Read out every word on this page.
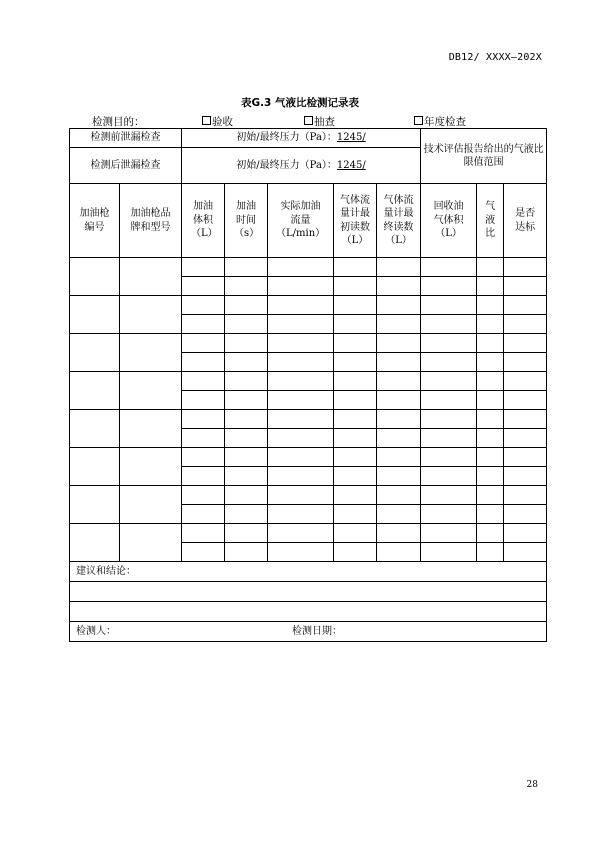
DB12/ XXXX—202X
表G.3 气液比检测记录表
检测目的：	验收	抽查	年度检查
检测前泄漏检查		初始/最终压力（Pa）：1245/					技术评估报告给出的气液比限值范围		
检测后泄漏检查		初始/最终压力（Pa）：1245/							

加油枪编号	加油枪品牌和型号	加油体积（L）	加油时间（s）	实际加油流量（L/min）	气体流量计最初读数（L）	气体流量计最终读数（L）	回收油气体积（L）	气液比	是否达标

建议和结论：									

检测人： 检测日期：									
28
